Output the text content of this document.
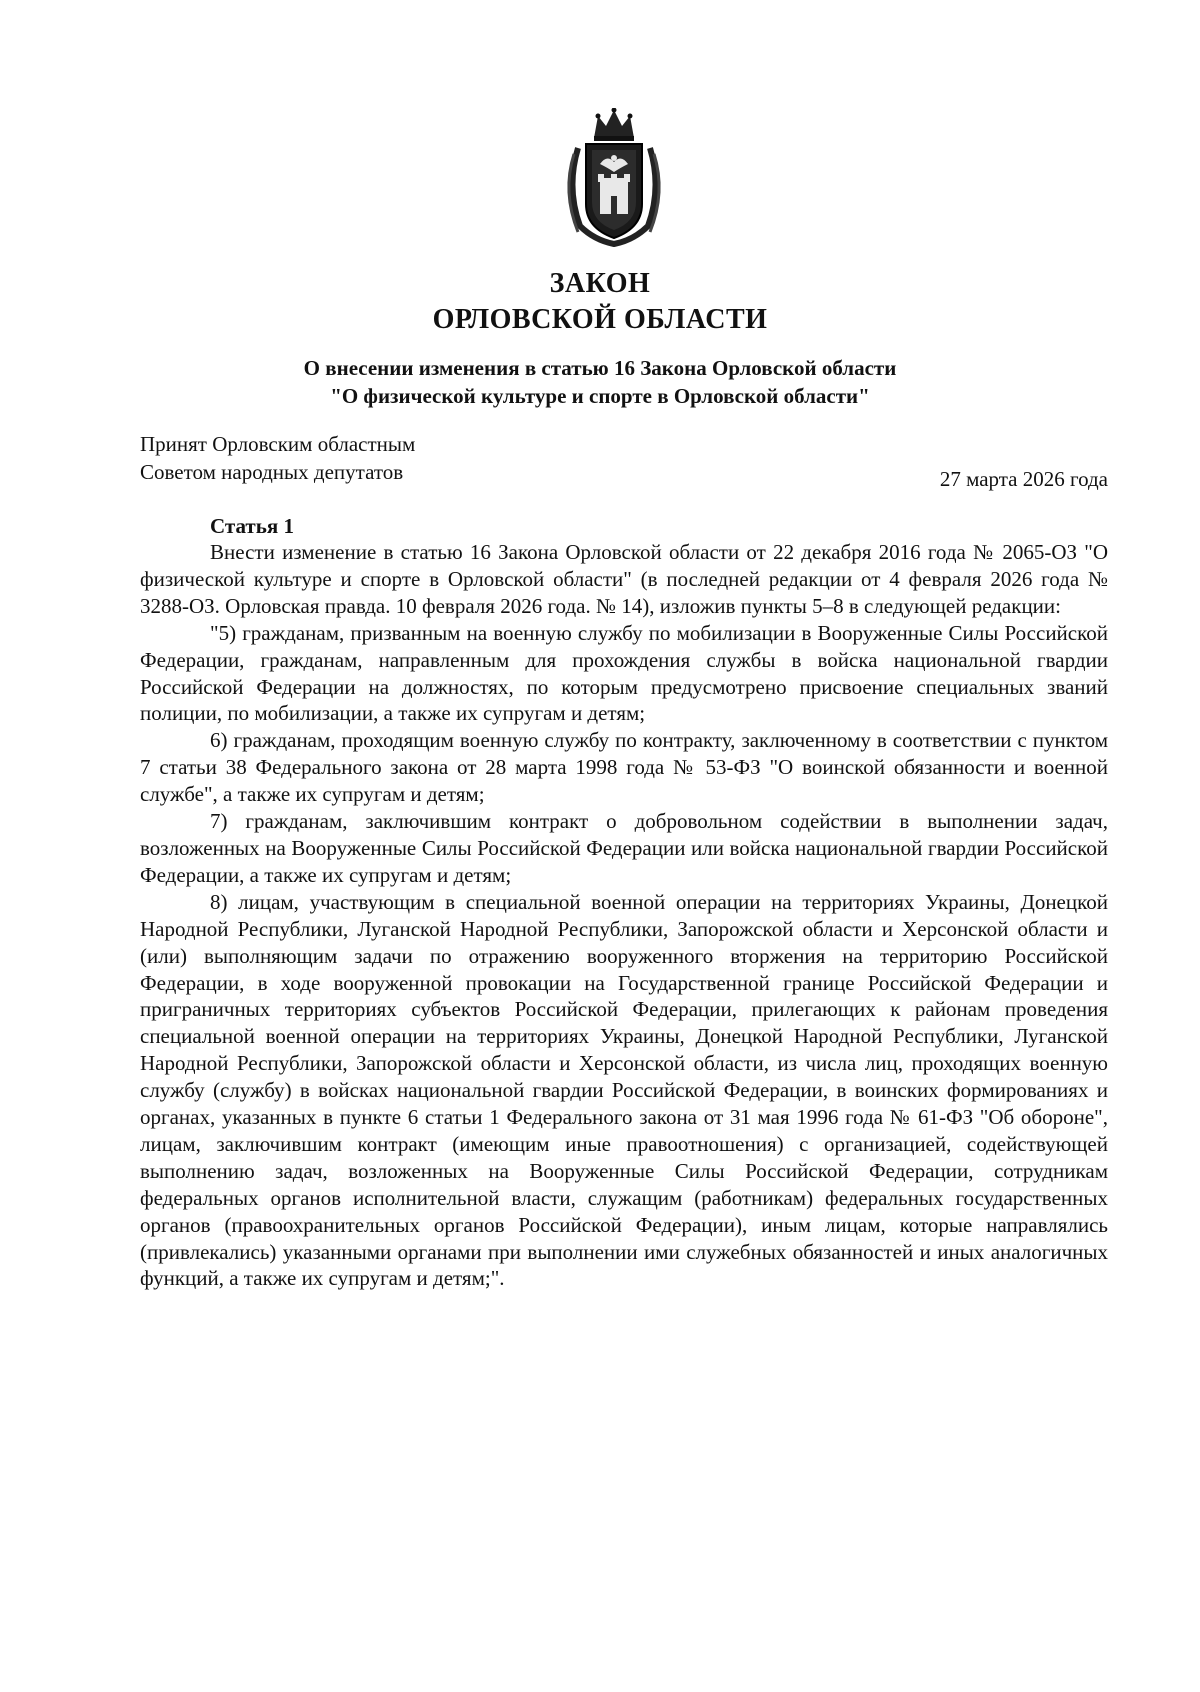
ЗАКОН
ОРЛОВСКОЙ ОБЛАСТИ
О внесении изменения в статью 16 Закона Орловской области
"О физической культуре и спорте в Орловской области"
Принят Орловским областным
Советом народных депутатов	27 марта 2026 года
Статья 1

Внести изменение в статью 16 Закона Орловской области от 22 декабря 2016 года № 2065-ОЗ "О физической культуре и спорте в Орловской области" (в последней редакции от 4 февраля 2026 года № 3288-ОЗ. Орловская правда. 10 февраля 2026 года. № 14), изложив пункты 5–8 в следующей редакции:

"5) гражданам, призванным на военную службу по мобилизации в Вооруженные Силы Российской Федерации, гражданам, направленным для прохождения службы в войска национальной гвардии Российской Федерации на должностях, по которым предусмотрено присвоение специальных званий полиции, по мобилизации, а также их супругам и детям;

6) гражданам, проходящим военную службу по контракту, заключенному в соответствии с пунктом 7 статьи 38 Федерального закона от 28 марта 1998 года № 53-ФЗ "О воинской обязанности и военной службе", а также их супругам и детям;

7) гражданам, заключившим контракт о добровольном содействии в выполнении задач, возложенных на Вооруженные Силы Российской Федерации или войска национальной гвардии Российской Федерации, а также их супругам и детям;

8) лицам, участвующим в специальной военной операции на территориях Украины, Донецкой Народной Республики, Луганской Народной Республики, Запорожской области и Херсонской области и (или) выполняющим задачи по отражению вооруженного вторжения на территорию Российской Федерации, в ходе вооруженной провокации на Государственной границе Российской Федерации и приграничных территориях субъектов Российской Федерации, прилегающих к районам проведения специальной военной операции на территориях Украины, Донецкой Народной Республики, Луганской Народной Республики, Запорожской области и Херсонской области, из числа лиц, проходящих военную службу (службу) в войсках национальной гвардии Российской Федерации, в воинских формированиях и органах, указанных в пункте 6 статьи 1 Федерального закона от 31 мая 1996 года № 61-ФЗ "Об обороне", лицам, заключившим контракт (имеющим иные правоотношения) с организацией, содействующей выполнению задач, возложенных на Вооруженные Силы Российской Федерации, сотрудникам федеральных органов исполнительной власти, служащим (работникам) федеральных государственных органов (правоохранительных органов Российской Федерации), иным лицам, которые направлялись (привлекались) указанными органами при выполнении ими служебных обязанностей и иных аналогичных функций, а также их супругам и детям;".
